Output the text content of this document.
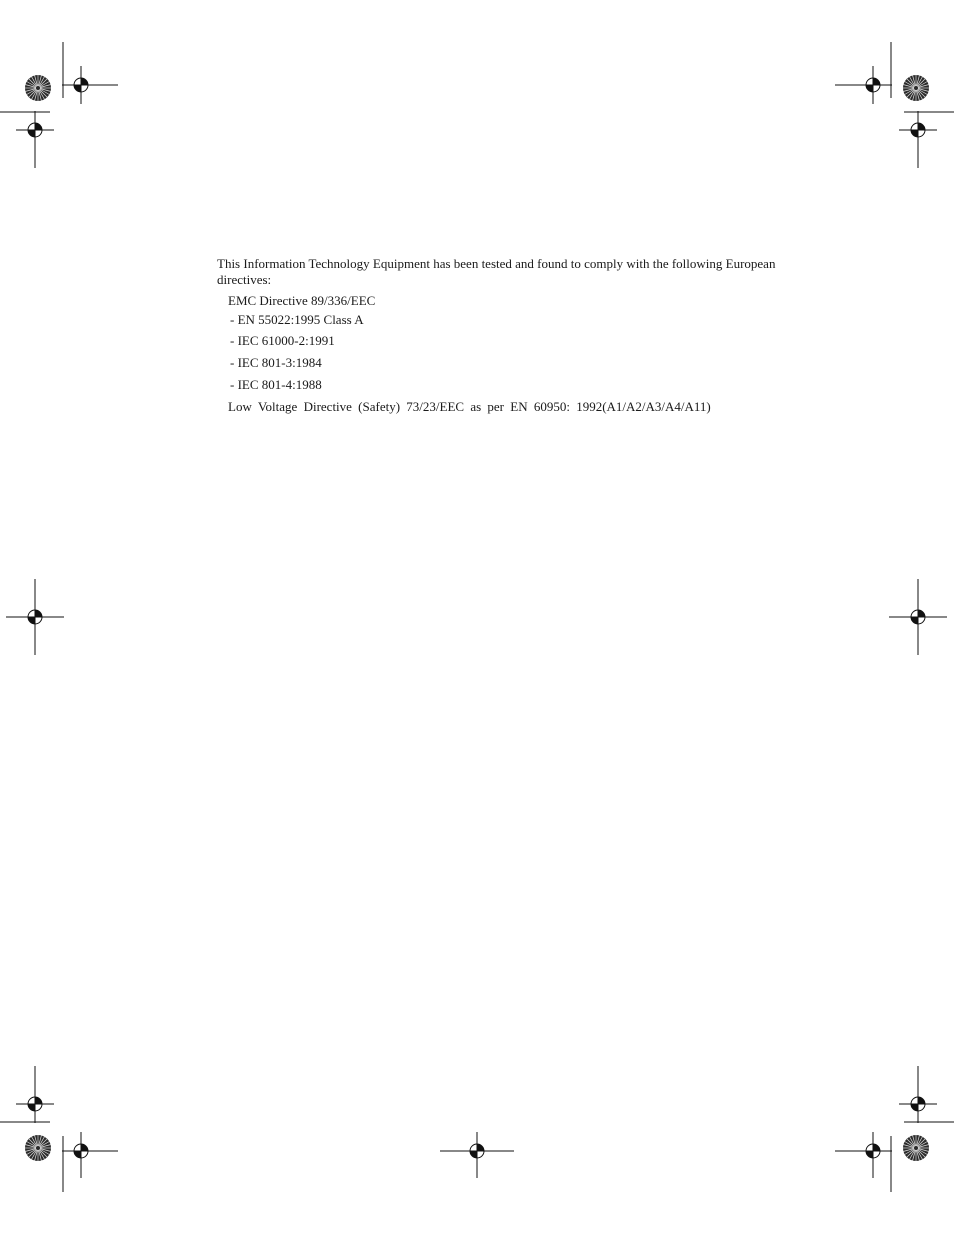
This Information Technology Equipment has been tested and found to comply with the following European directives:

EMC Directive 89/336/EEC

- EN 55022:1995 Class A

- IEC 61000-2:1991

- IEC 801-3:1984

- IEC 801-4:1988

Low Voltage Directive (Safety) 73/23/EEC as per EN 60950: 1992(A1/A2/A3/A4/A11)
